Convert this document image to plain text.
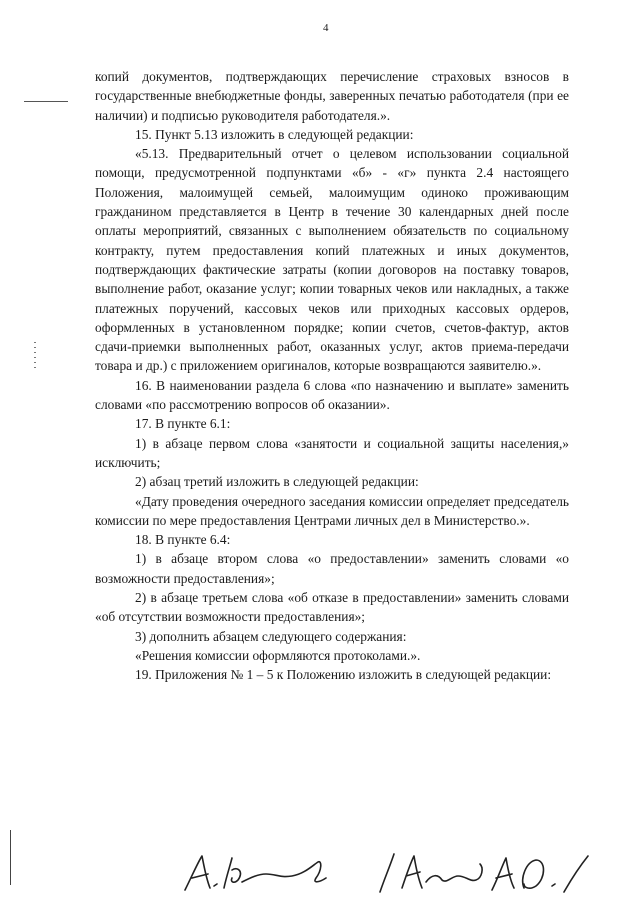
4

копий документов, подтверждающих перечисление страховых взносов в государственные внебюджетные фонды, заверенных печатью работодателя (при ее наличии) и подписью руководителя работодателя.».

15. Пункт 5.13 изложить в следующей редакции:

«5.13. Предварительный отчет о целевом использовании социальной помощи, предусмотренной подпунктами «б» - «г» пункта 2.4 настоящего Положения, малоимущей семьей, малоимущим одиноко проживающим гражданином представляется в Центр в течение 30 календарных дней после оплаты мероприятий, связанных с выполнением обязательств по социальному контракту, путем предоставления копий платежных и иных документов, подтверждающих фактические затраты (копии договоров на поставку товаров, выполнение работ, оказание услуг; копии товарных чеков или накладных, а также платежных поручений, кассовых чеков или приходных кассовых ордеров, оформленных в установленном порядке; копии счетов, счетов-фактур, актов сдачи-приемки выполненных работ, оказанных услуг, актов приема-передачи товара и др.) с приложением оригиналов, которые возвращаются заявителю.».

16. В наименовании раздела 6 слова «по назначению и выплате» заменить словами «по рассмотрению вопросов об оказании».

17. В пункте 6.1:

1) в абзаце первом слова «занятости и социальной защиты населения,» исключить;

2) абзац третий изложить в следующей редакции:

«Дату проведения очередного заседания комиссии определяет председатель комиссии по мере предоставления Центрами личных дел в Министерство.».

18. В пункте 6.4:

1) в абзаце втором слова «о предоставлении» заменить словами «о возможности предоставления»;

2) в абзаце третьем слова «об отказе в предоставлении» заменить словами «об отсутствии возможности предоставления»;

3) дополнить абзацем следующего содержания:

«Решения комиссии оформляются протоколами.».

19. Приложения № 1 – 5 к Положению изложить в следующей редакции:
